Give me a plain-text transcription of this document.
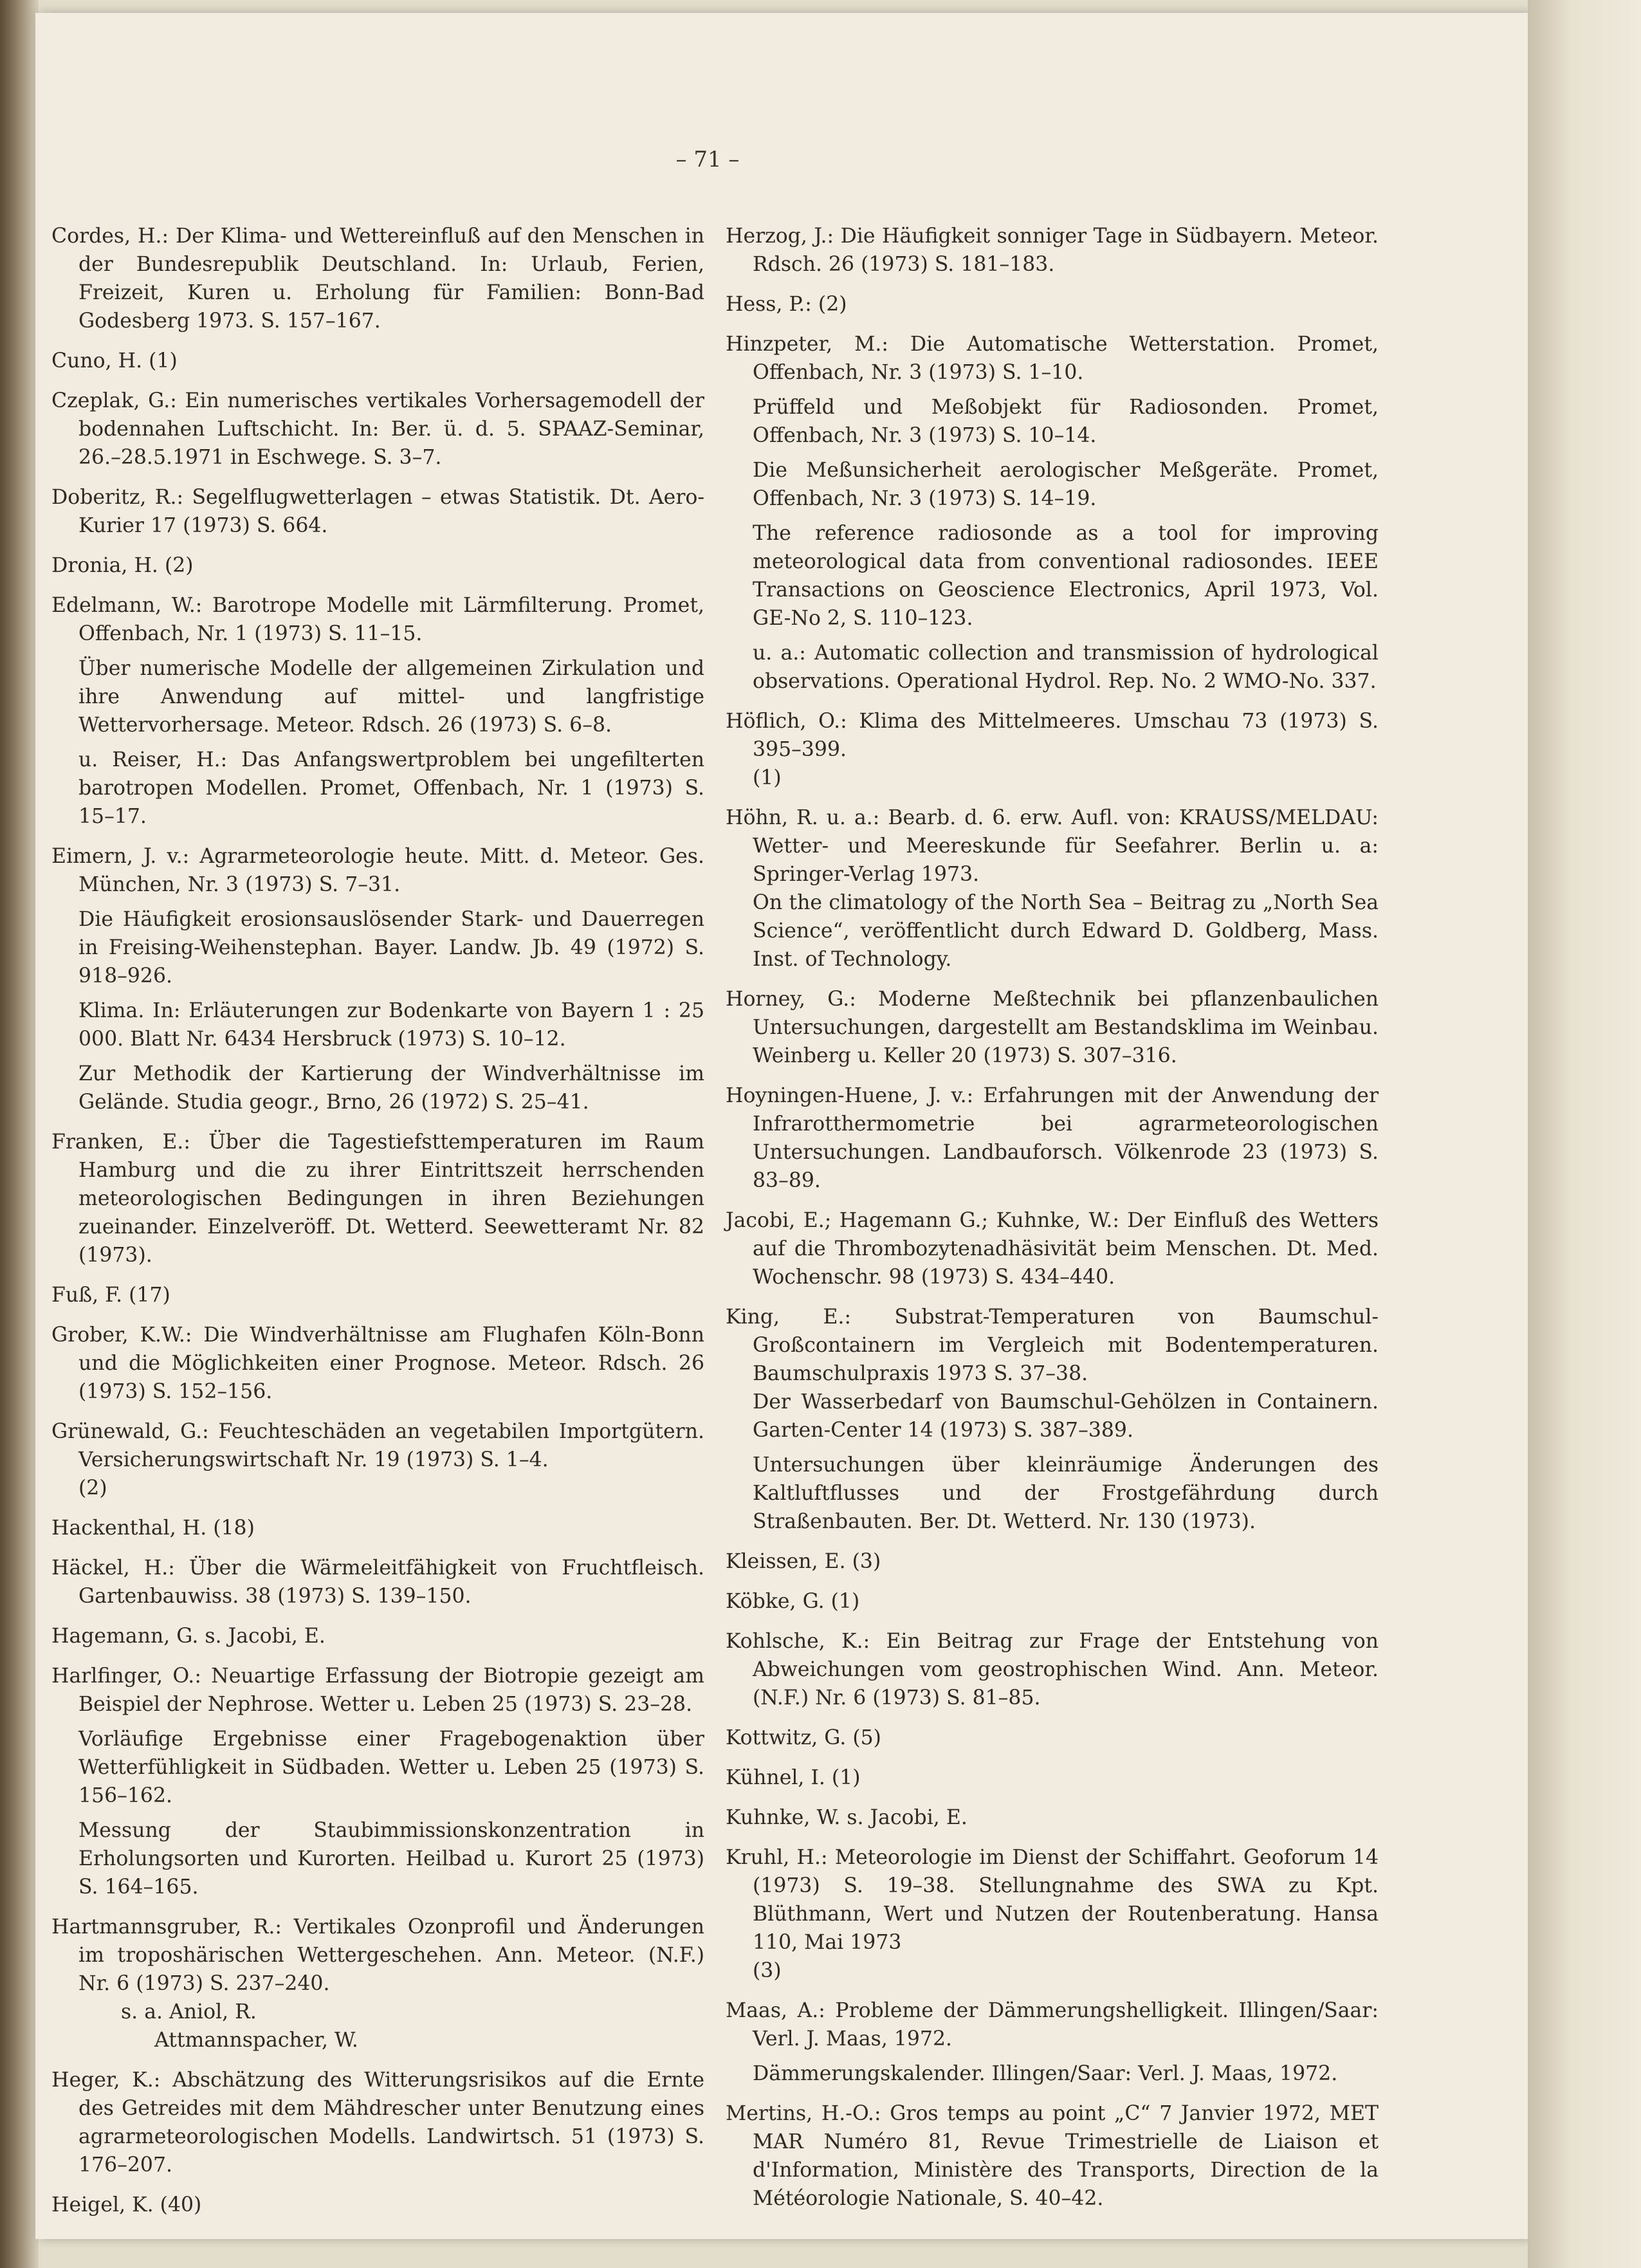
– 71 –

Cordes, H.: Der Klima- und Wettereinfluß auf den Menschen in der Bundesrepublik Deutschland. In: Urlaub, Ferien, Freizeit, Kuren u. Erholung für Familien: Bonn-Bad Godesberg 1973. S. 157–167.

Cuno, H. (1)

Czeplak, G.: Ein numerisches vertikales Vorhersagemodell der bodennahen Luftschicht. In: Ber. ü. d. 5. SPAAZ-Seminar, 26.–28.5.1971 in Eschwege. S. 3–7.

Doberitz, R.: Segelflugwetterlagen – etwas Statistik. Dt. Aero-Kurier 17 (1973) S. 664.

Dronia, H. (2)

Edelmann, W.: Barotrope Modelle mit Lärmfilterung. Promet, Offenbach, Nr. 1 (1973) S. 11–15.

Über numerische Modelle der allgemeinen Zirkulation und ihre Anwendung auf mittel- und langfristige Wettervorhersage. Meteor. Rdsch. 26 (1973) S. 6–8.

u. Reiser, H.: Das Anfangswertproblem bei ungefilterten barotropen Modellen. Promet, Offenbach, Nr. 1 (1973) S. 15–17.

Eimern, J. v.: Agrarmeteorologie heute. Mitt. d. Meteor. Ges. München, Nr. 3 (1973) S. 7–31.

Die Häufigkeit erosionsauslösender Stark- und Dauerregen in Freising-Weihenstephan. Bayer. Landw. Jb. 49 (1972) S. 918–926.

Klima. In: Erläuterungen zur Bodenkarte von Bayern 1 : 25 000. Blatt Nr. 6434 Hersbruck (1973) S. 10–12.

Zur Methodik der Kartierung der Windverhältnisse im Gelände. Studia geogr., Brno, 26 (1972) S. 25–41.

Franken, E.: Über die Tagestiefsttemperaturen im Raum Hamburg und die zu ihrer Eintrittszeit herrschenden meteorologischen Bedingungen in ihren Beziehungen zueinander. Einzelveröff. Dt. Wetterd. Seewetteramt Nr. 82 (1973).

Fuß, F. (17)

Grober, K.W.: Die Windverhältnisse am Flughafen Köln-Bonn und die Möglichkeiten einer Prognose. Meteor. Rdsch. 26 (1973) S. 152–156.

Grünewald, G.: Feuchteschäden an vegetabilen Importgütern. Versicherungswirtschaft Nr. 19 (1973) S. 1–4.

(2)

Hackenthal, H. (18)

Häckel, H.: Über die Wärmeleitfähigkeit von Fruchtfleisch. Gartenbauwiss. 38 (1973) S. 139–150.

Hagemann, G. s. Jacobi, E.

Harlfinger, O.: Neuartige Erfassung der Biotropie gezeigt am Beispiel der Nephrose. Wetter u. Leben 25 (1973) S. 23–28.

Vorläufige Ergebnisse einer Fragebogenaktion über Wetterfühligkeit in Südbaden. Wetter u. Leben 25 (1973) S. 156–162.

Messung der Staubimmissionskonzentration in Erholungsorten und Kurorten. Heilbad u. Kurort 25 (1973) S. 164–165.

Hartmannsgruber, R.: Vertikales Ozonprofil und Änderungen im troposhärischen Wettergeschehen. Ann. Meteor. (N.F.) Nr. 6 (1973) S. 237–240.

s. a. Aniol, R.

Attmannspacher, W.

Heger, K.: Abschätzung des Witterungsrisikos auf die Ernte des Getreides mit dem Mähdrescher unter Benutzung eines agrarmeteorologischen Modells. Landwirtsch. 51 (1973) S. 176–207.

Heigel, K. (40)

Herzog, J.: Die Häufigkeit sonniger Tage in Südbayern. Meteor. Rdsch. 26 (1973) S. 181–183.

Hess, P.: (2)

Hinzpeter, M.: Die Automatische Wetterstation. Promet, Offenbach, Nr. 3 (1973) S. 1–10.

Prüffeld und Meßobjekt für Radiosonden. Promet, Offenbach, Nr. 3 (1973) S. 10–14.

Die Meßunsicherheit aerologischer Meßgeräte. Promet, Offenbach, Nr. 3 (1973) S. 14–19.

The reference radiosonde as a tool for improving meteorological data from conventional radiosondes. IEEE Transactions on Geoscience Electronics, April 1973, Vol. GE-No 2, S. 110–123.

u. a.: Automatic collection and transmission of hydrological observations. Operational Hydrol. Rep. No. 2 WMO-No. 337.

Höflich, O.: Klima des Mittelmeeres. Umschau 73 (1973) S. 395–399.

(1)

Höhn, R. u. a.: Bearb. d. 6. erw. Aufl. von: KRAUSS/MELDAU: Wetter- und Meereskunde für Seefahrer. Berlin u. a: Springer-Verlag 1973.

On the climatology of the North Sea – Beitrag zu „North Sea Science“, veröffentlicht durch Edward D. Goldberg, Mass. Inst. of Technology.

Horney, G.: Moderne Meßtechnik bei pflanzenbaulichen Untersuchungen, dargestellt am Bestandsklima im Weinbau. Weinberg u. Keller 20 (1973) S. 307–316.

Hoyningen-Huene, J. v.: Erfahrungen mit der Anwendung der Infrarotthermometrie bei agrarmeteorologischen Untersuchungen. Landbauforsch. Völkenrode 23 (1973) S. 83–89.

Jacobi, E.; Hagemann G.; Kuhnke, W.: Der Einfluß des Wetters auf die Thrombozytenadhäsivität beim Menschen. Dt. Med. Wochenschr. 98 (1973) S. 434–440.

King, E.: Substrat-Temperaturen von Baumschul-Großcontainern im Vergleich mit Bodentemperaturen. Baumschulpraxis 1973 S. 37–38.

Der Wasserbedarf von Baumschul-Gehölzen in Containern. Garten-Center 14 (1973) S. 387–389.

Untersuchungen über kleinräumige Änderungen des Kaltluftflusses und der Frostgefährdung durch Straßenbauten. Ber. Dt. Wetterd. Nr. 130 (1973).

Kleissen, E. (3)

Köbke, G. (1)

Kohlsche, K.: Ein Beitrag zur Frage der Entstehung von Abweichungen vom geostrophischen Wind. Ann. Meteor. (N.F.) Nr. 6 (1973) S. 81–85.

Kottwitz, G. (5)

Kühnel, I. (1)

Kuhnke, W. s. Jacobi, E.

Kruhl, H.: Meteorologie im Dienst der Schiffahrt. Geoforum 14 (1973) S. 19–38. Stellungnahme des SWA zu Kpt. Blüthmann, Wert und Nutzen der Routenberatung. Hansa 110, Mai 1973

(3)

Maas, A.: Probleme der Dämmerungshelligkeit. Illingen/Saar: Verl. J. Maas, 1972.

Dämmerungskalender. Illingen/Saar: Verl. J. Maas, 1972.

Mertins, H.-O.: Gros temps au point „C“ 7 Janvier 1972, MET MAR Numéro 81, Revue Trimestrielle de Liaison et d'Information, Ministère des Transports, Direction de la Météorologie Nationale, S. 40–42.
